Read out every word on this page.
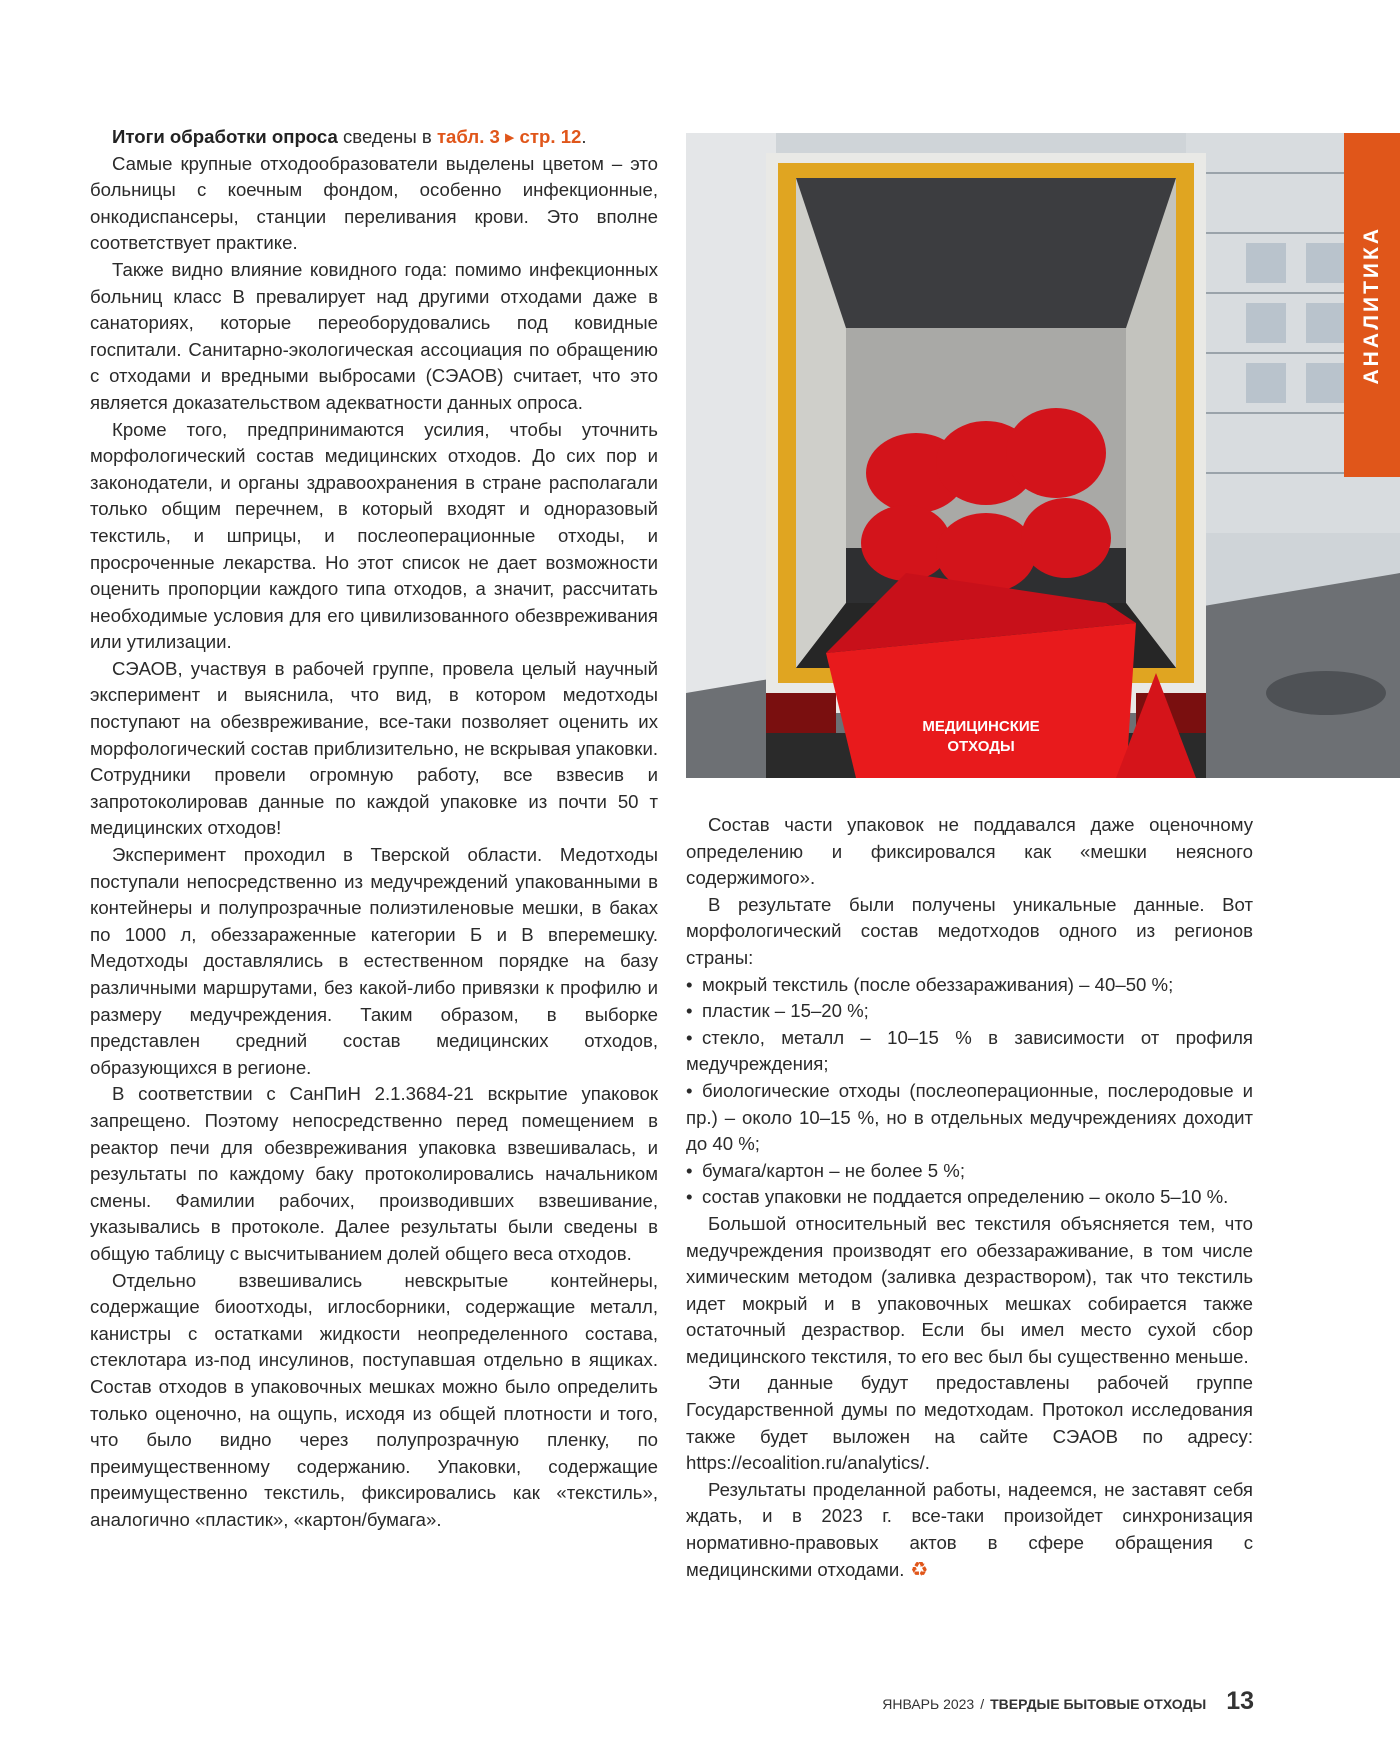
Итоги обработки опроса сведены в табл. 3 ▸ стр. 12.

Самые крупные отходообразователи выделены цветом – это больницы с коечным фондом, особенно инфекционные, онкодиспансеры, станции переливания крови. Это вполне соответствует практике.

Также видно влияние ковидного года: помимо инфекционных больниц класс В превалирует над другими отходами даже в санаториях, которые переоборудовались под ковидные госпитали. Санитарно-экологическая ассоциация по обращению с отходами и вредными выбросами (СЭАОВ) считает, что это является доказательством адекватности данных опроса.

Кроме того, предпринимаются усилия, чтобы уточнить морфологический состав медицинских отходов. До сих пор и законодатели, и органы здравоохранения в стране располагали только общим перечнем, в который входят и одноразовый текстиль, и шприцы, и послеоперационные отходы, и просроченные лекарства. Но этот список не дает возможности оценить пропорции каждого типа отходов, а значит, рассчитать необходимые условия для его цивилизованного обезвреживания или утилизации.

СЭАОВ, участвуя в рабочей группе, провела целый научный эксперимент и выяснила, что вид, в котором медотходы поступают на обезвреживание, все-таки позволяет оценить их морфологический состав приблизительно, не вскрывая упаковки. Сотрудники провели огромную работу, все взвесив и запротоколировав данные по каждой упаковке из почти 50 т медицинских отходов!

Эксперимент проходил в Тверской области. Медотходы поступали непосредственно из медучреждений упакованными в контейнеры и полупрозрачные полиэтиленовые мешки, в баках по 1000 л, обеззараженные категории Б и В вперемешку. Медотходы доставлялись в естественном порядке на базу различными маршрутами, без какой-либо привязки к профилю и размеру медучреждения. Таким образом, в выборке представлен средний состав медицинских отходов, образующихся в регионе.

В соответствии с СанПиН 2.1.3684-21 вскрытие упаковок запрещено. Поэтому непосредственно перед помещением в реактор печи для обезвреживания упаковка взвешивалась, и результаты по каждому баку протоколировались начальником смены. Фамилии рабочих, производивших взвешивание, указывались в протоколе. Далее результаты были сведены в общую таблицу с высчитыванием долей общего веса отходов.

Отдельно взвешивались невскрытые контейнеры, содержащие биоотходы, иглосборники, содержащие металл, канистры с остатками жидкости неопределенного состава, стеклотара из-под инсулинов, поступавшая отдельно в ящиках. Состав отходов в упаковочных мешках можно было определить только оценочно, на ощупь, исходя из общей плотности и того, что было видно через полупрозрачную пленку, по преимущественному содержанию. Упаковки, содержащие преимущественно текстиль, фиксировались как «текстиль», аналогично «пластик», «картон/бумага».

МЕДИЦИНСКИЕ
ОТХОДЫ
АНАЛИТИКА

Состав части упаковок не поддавался даже оценочному определению и фиксировался как «мешки неясного содержимого».

В результате были получены уникальные данные. Вот морфологический состав медотходов одного из регионов страны:

• мокрый текстиль (после обеззараживания) – 40–50 %;
• пластик – 15–20 %;
• стекло, металл – 10–15 % в зависимости от профиля медучреждения;
• биологические отходы (послеоперационные, послеродовые и пр.) – около 10–15 %, но в отдельных медучреждениях доходит до 40 %;
• бумага/картон – не более 5 %;
• состав упаковки не поддается определению – около 5–10 %.

Большой относительный вес текстиля объясняется тем, что медучреждения производят его обеззараживание, в том числе химическим методом (заливка дезраствором), так что текстиль идет мокрый и в упаковочных мешках собирается также остаточный дезраствор. Если бы имел место сухой сбор медицинского текстиля, то его вес был бы существенно меньше.

Эти данные будут предоставлены рабочей группе Государственной думы по медотходам. Протокол исследования также будет выложен на сайте СЭАОВ по адресу: https://ecoalition.ru/analytics/.

Результаты проделанной работы, надеемся, не заставят себя ждать, и в 2023 г. все-таки произойдет синхронизация нормативно-правовых актов в сфере обращения с медицинскими отходами. ♻

ЯНВАРЬ 2023 / ТВЕРДЫЕ БЫТОВЫЕ ОТХОДЫ 13
